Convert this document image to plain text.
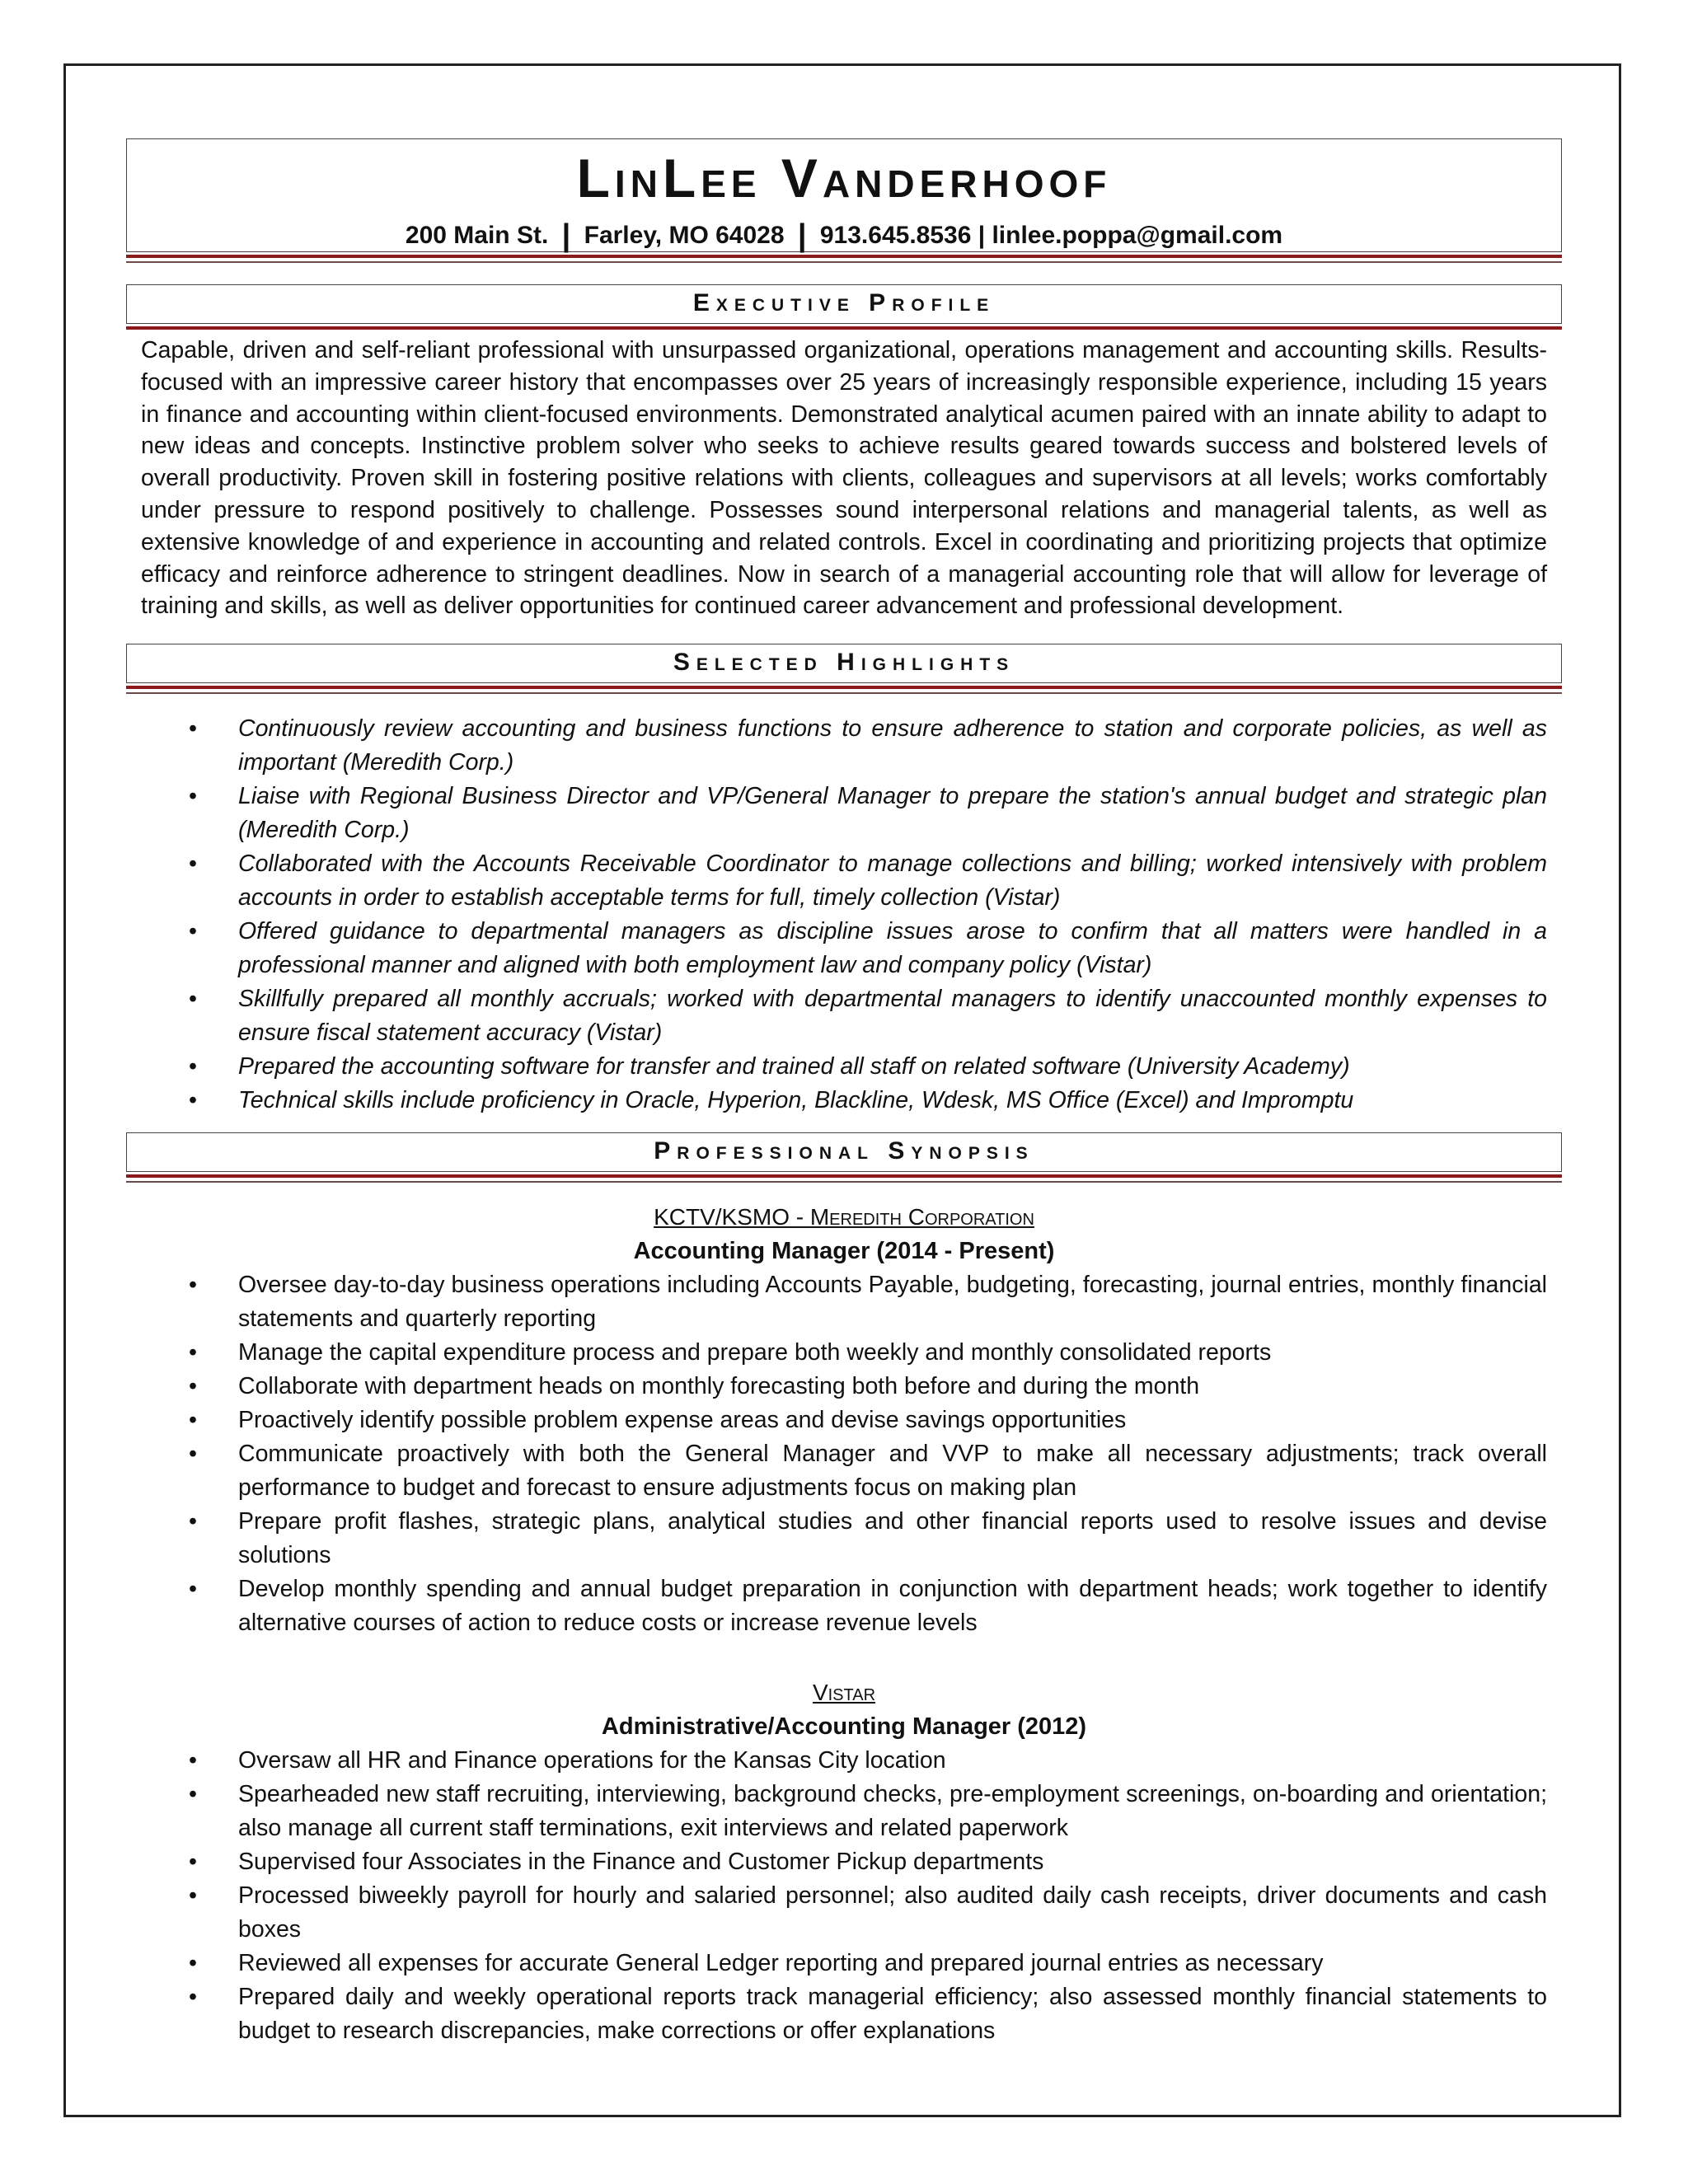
LinLee Vanderhoof
200 Main St. | Farley, MO 64028 | 913.645.8536 | linlee.poppa@gmail.com
Executive Profile
Capable, driven and self-reliant professional with unsurpassed organizational, operations management and accounting skills. Results-focused with an impressive career history that encompasses over 25 years of increasingly responsible experience, including 15 years in finance and accounting within client-focused environments. Demonstrated analytical acumen paired with an innate ability to adapt to new ideas and concepts. Instinctive problem solver who seeks to achieve results geared towards success and bolstered levels of overall productivity. Proven skill in fostering positive relations with clients, colleagues and supervisors at all levels; works comfortably under pressure to respond positively to challenge. Possesses sound interpersonal relations and managerial talents, as well as extensive knowledge of and experience in accounting and related controls. Excel in coordinating and prioritizing projects that optimize efficacy and reinforce adherence to stringent deadlines. Now in search of a managerial accounting role that will allow for leverage of training and skills, as well as deliver opportunities for continued career advancement and professional development.
Selected Highlights
• Continuously review accounting and business functions to ensure adherence to station and corporate policies, as well as important (Meredith Corp.)
• Liaise with Regional Business Director and VP/General Manager to prepare the station's annual budget and strategic plan (Meredith Corp.)
• Collaborated with the Accounts Receivable Coordinator to manage collections and billing; worked intensively with problem accounts in order to establish acceptable terms for full, timely collection (Vistar)
• Offered guidance to departmental managers as discipline issues arose to confirm that all matters were handled in a professional manner and aligned with both employment law and company policy (Vistar)
• Skillfully prepared all monthly accruals; worked with departmental managers to identify unaccounted monthly expenses to ensure fiscal statement accuracy (Vistar)
• Prepared the accounting software for transfer and trained all staff on related software (University Academy)
• Technical skills include proficiency in Oracle, Hyperion, Blackline, Wdesk, MS Office (Excel) and Impromptu
Professional Synopsis
KCTV/KSMO - Meredith Corporation
Accounting Manager (2014 - Present)
• Oversee day-to-day business operations including Accounts Payable, budgeting, forecasting, journal entries, monthly financial statements and quarterly reporting
• Manage the capital expenditure process and prepare both weekly and monthly consolidated reports
• Collaborate with department heads on monthly forecasting both before and during the month
• Proactively identify possible problem expense areas and devise savings opportunities
• Communicate proactively with both the General Manager and VVP to make all necessary adjustments; track overall performance to budget and forecast to ensure adjustments focus on making plan
• Prepare profit flashes, strategic plans, analytical studies and other financial reports used to resolve issues and devise solutions
• Develop monthly spending and annual budget preparation in conjunction with department heads; work together to identify alternative courses of action to reduce costs or increase revenue levels
Vistar
Administrative/Accounting Manager (2012)
• Oversaw all HR and Finance operations for the Kansas City location
• Spearheaded new staff recruiting, interviewing, background checks, pre-employment screenings, on-boarding and orientation; also manage all current staff terminations, exit interviews and related paperwork
• Supervised four Associates in the Finance and Customer Pickup departments
• Processed biweekly payroll for hourly and salaried personnel; also audited daily cash receipts, driver documents and cash boxes
• Reviewed all expenses for accurate General Ledger reporting and prepared journal entries as necessary
• Prepared daily and weekly operational reports track managerial efficiency; also assessed monthly financial statements to budget to research discrepancies, make corrections or offer explanations
